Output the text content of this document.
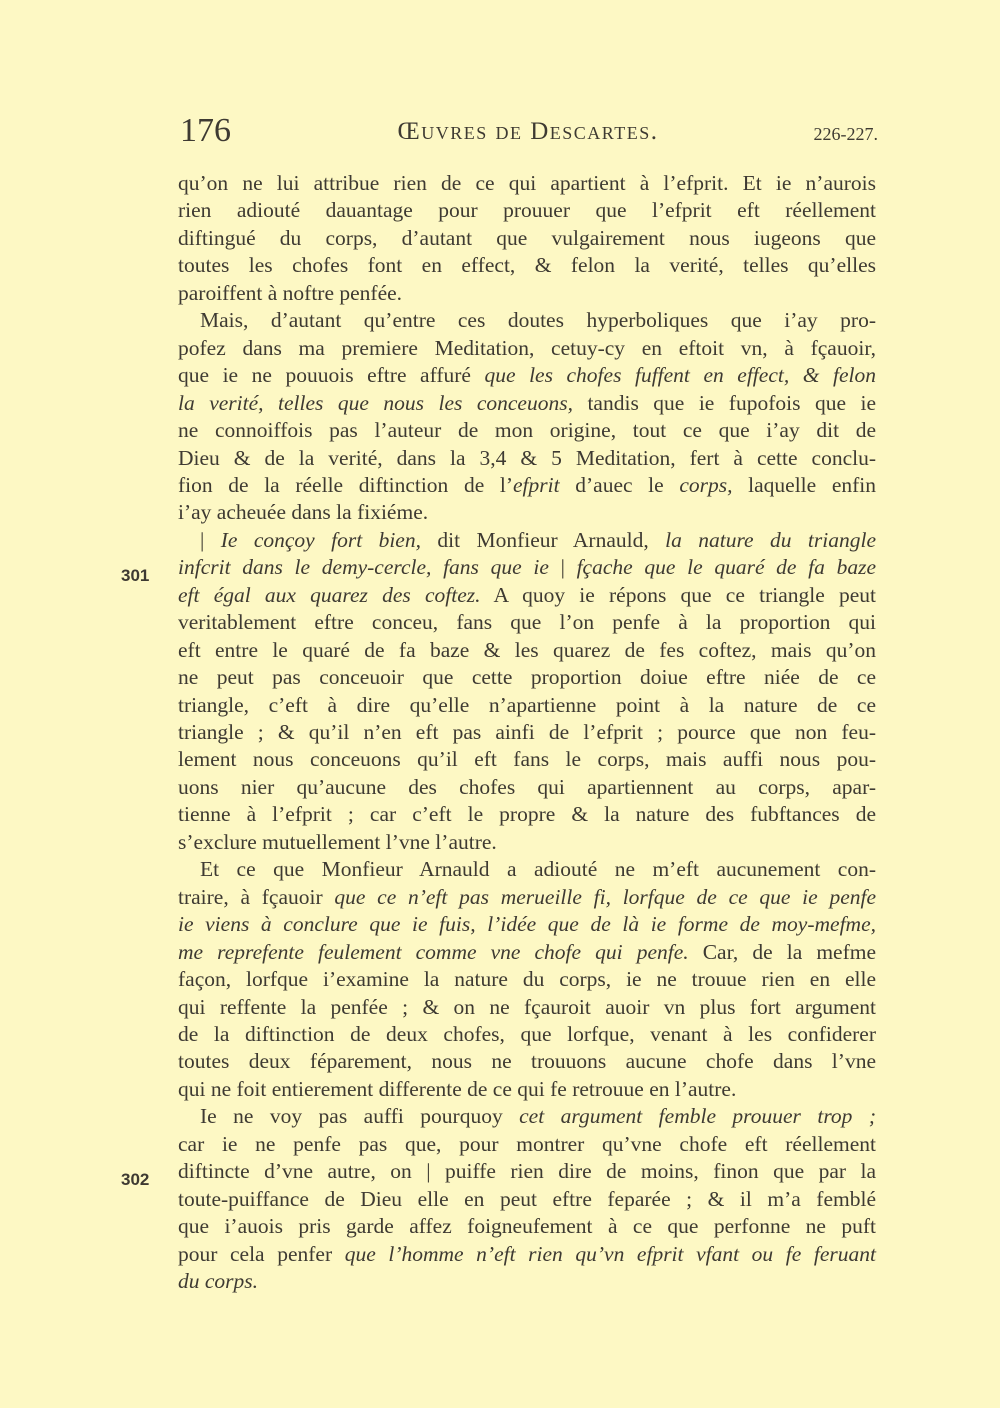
176	Œuvres de Descartes.	226-227.
301
302
qu’on ne lui attribue rien de ce qui apartient à l’efprit. Et ie n’aurois
rien adiouté dauantage pour prouuer que l’efprit eft réellement
diftingué du corps, d’autant que vulgairement nous iugeons que
toutes les chofes font en effect, & felon la verité, telles qu’elles
paroiffent à noftre penfée.
Mais, d’autant qu’entre ces doutes hyperboliques que i’ay pro-
pofez dans ma premiere Meditation, cetuy-cy en eftoit vn, à fçauoir,
que ie ne pouuois eftre affuré que les chofes fuffent en effect, & felon
la verité, telles que nous les conceuons, tandis que ie fupofois que ie
ne connoiffois pas l’auteur de mon origine, tout ce que i’ay dit de
Dieu & de la verité, dans la 3,4 & 5 Meditation, fert à cette conclu-
fion de la réelle diftinction de l’efprit d’auec le corps, laquelle enfin
i’ay acheuée dans la fixiéme.
| Ie conçoy fort bien, dit Monfieur Arnauld, la nature du triangle
infcrit dans le demy-cercle, fans que ie | fçache que le quaré de fa baze
eft égal aux quarez des coftez. A quoy ie répons que ce triangle peut
veritablement eftre conceu, fans que l’on penfe à la proportion qui
eft entre le quaré de fa baze & les quarez de fes coftez, mais qu’on
ne peut pas conceuoir que cette proportion doiue eftre niée de ce
triangle, c’eft à dire qu’elle n’apartienne point à la nature de ce
triangle ; & qu’il n’en eft pas ainfi de l’efprit ; pource que non feu-
lement nous conceuons qu’il eft fans le corps, mais auffi nous pou-
uons nier qu’aucune des chofes qui apartiennent au corps, apar-
tienne à l’efprit ; car c’eft le propre & la nature des fubftances de
s’exclure mutuellement l’vne l’autre.
Et ce que Monfieur Arnauld a adiouté ne m’eft aucunement con-
traire, à fçauoir que ce n’eft pas merueille fi, lorfque de ce que ie penfe
ie viens à conclure que ie fuis, l’idée que de là ie forme de moy-mefme,
me reprefente feulement comme vne chofe qui penfe. Car, de la mefme
façon, lorfque i’examine la nature du corps, ie ne trouue rien en elle
qui reffente la penfée ; & on ne fçauroit auoir vn plus fort argument
de la diftinction de deux chofes, que lorfque, venant à les confiderer
toutes deux féparement, nous ne trouuons aucune chofe dans l’vne
qui ne foit entierement differente de ce qui fe retrouue en l’autre.
Ie ne voy pas auffi pourquoy cet argument femble prouuer trop ;
car ie ne penfe pas que, pour montrer qu’vne chofe eft réellement
diftincte d’vne autre, on | puiffe rien dire de moins, finon que par la
toute-puiffance de Dieu elle en peut eftre feparée ; & il m’a femblé
que i’auois pris garde affez foigneufement à ce que perfonne ne puft
pour cela penfer que l’homme n’eft rien qu’vn efprit vfant ou fe feruant
du corps.
